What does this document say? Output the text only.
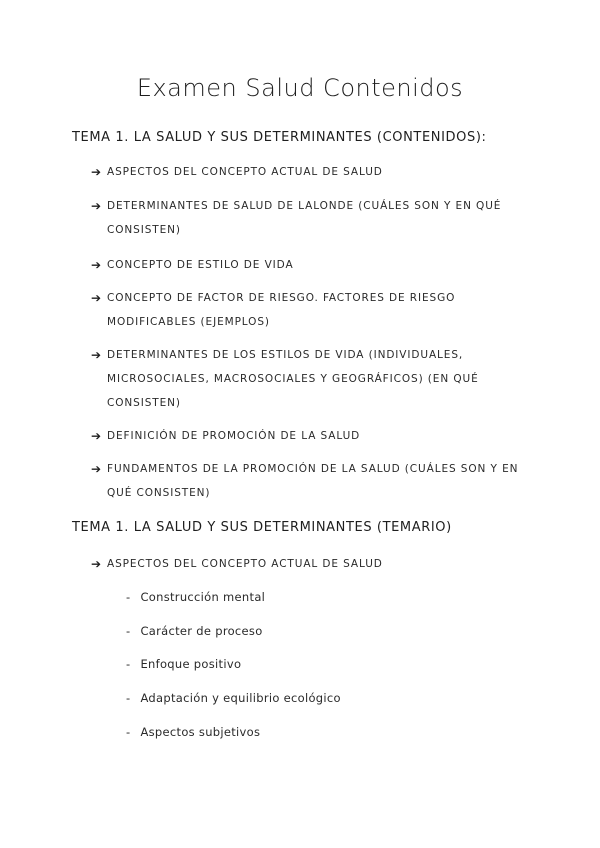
Examen Salud Contenidos
TEMA 1. LA SALUD Y SUS DETERMINANTES (CONTENIDOS):
➔ ASPECTOS DEL CONCEPTO ACTUAL DE SALUD
➔ DETERMINANTES DE SALUD DE LALONDE (CUÁLES SON Y EN QUÉ CONSISTEN)
➔ CONCEPTO DE ESTILO DE VIDA
➔ CONCEPTO DE FACTOR DE RIESGO. FACTORES DE RIESGO MODIFICABLES (EJEMPLOS)
➔ DETERMINANTES DE LOS ESTILOS DE VIDA (INDIVIDUALES, MICROSOCIALES, MACROSOCIALES Y GEOGRÁFICOS) (EN QUÉ CONSISTEN)
➔ DEFINICIÓN DE PROMOCIÓN DE LA SALUD
➔ FUNDAMENTOS DE LA PROMOCIÓN DE LA SALUD (CUÁLES SON Y EN QUÉ CONSISTEN)
TEMA 1. LA SALUD Y SUS DETERMINANTES (TEMARIO)
➔ ASPECTOS DEL CONCEPTO ACTUAL DE SALUD
- Construcción mental
- Carácter de proceso
- Enfoque positivo
- Adaptación y equilibrio ecológico
- Aspectos subjetivos
